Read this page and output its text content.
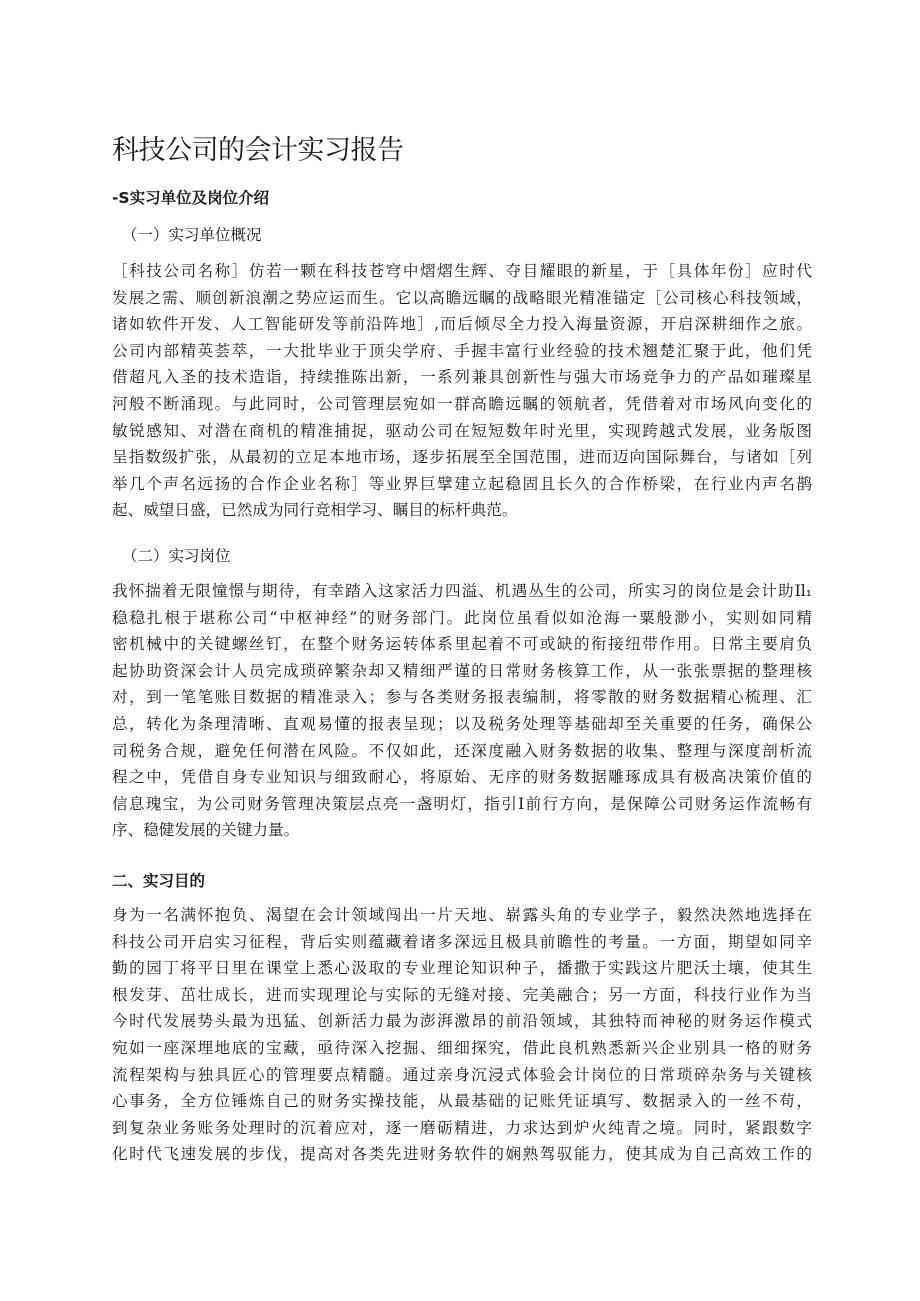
科技公司的会计实习报告
-S实习单位及岗位介绍
（一）实习单位概况
［科技公司名称］仿若一颗在科技苍穹中熠熠生辉、夺目耀眼的新星，于［具体年份］应时代
发展之需、顺创新浪潮之势应运而生。它以高瞻远瞩的战略眼光精准锚定［公司核心科技领域，
诸如软件开发、人工智能研发等前沿阵地］,而后倾尽全力投入海量资源，开启深耕细作之旅。
公司内部精英荟萃，一大批毕业于顶尖学府、手握丰富行业经验的技术翘楚汇聚于此，他们凭
借超凡入圣的技术造诣，持续推陈出新，一系列兼具创新性与强大市场竞争力的产品如璀璨星
河般不断涌现。与此同时，公司管理层宛如一群高瞻远瞩的领航者，凭借着对市场风向变化的
敏锐感知、对潜在商机的精准捕捉，驱动公司在短短数年时光里，实现跨越式发展，业务版图
呈指数级扩张，从最初的立足本地市场，逐步拓展至全国范围，进而迈向国际舞台，与诸如［列
举几个声名远扬的合作企业名称］等业界巨擘建立起稳固且长久的合作桥梁，在行业内声名鹊
起、威望日盛，已然成为同行竞相学习、瞩目的标杆典范。
（二）实习岗位
我怀揣着无限憧憬与期待，有幸踏入这家活力四溢、机遇丛生的公司，所实习的岗位是会计助Il₁
稳稳扎根于堪称公司“中枢神经”的财务部门。此岗位虽看似如沧海一粟般渺小，实则如同精
密机械中的关键螺丝钉，在整个财务运转体系里起着不可或缺的衔接纽带作用。日常主要肩负
起协助资深会计人员完成琐碎繁杂却又精细严谨的日常财务核算工作，从一张张票据的整理核
对，到一笔笔账目数据的精准录入；参与各类财务报表编制，将零散的财务数据精心梳理、汇
总，转化为条理清晰、直观易懂的报表呈现；以及税务处理等基础却至关重要的任务，确保公
司税务合规，避免任何潜在风险。不仅如此，还深度融入财务数据的收集、整理与深度剖析流
程之中，凭借自身专业知识与细致耐心，将原始、无序的财务数据雕琢成具有极高决策价值的
信息瑰宝，为公司财务管理决策层点亮一盏明灯，指引I前行方向，是保障公司财务运作流畅有
序、稳健发展的关键力量。
二、实习目的
身为一名满怀抱负、渴望在会计领域闯出一片天地、崭露头角的专业学子，毅然决然地选择在
科技公司开启实习征程，背后实则蕴藏着诸多深远且极具前瞻性的考量。一方面，期望如同辛
勤的园丁将平日里在课堂上悉心汲取的专业理论知识种子，播撒于实践这片肥沃土壤，使其生
根发芽、茁壮成长，进而实现理论与实际的无缝对接、完美融合；另一方面，科技行业作为当
今时代发展势头最为迅猛、创新活力最为澎湃激昂的前沿领域，其独特而神秘的财务运作模式
宛如一座深埋地底的宝藏，亟待深入挖掘、细细探究，借此良机熟悉新兴企业别具一格的财务
流程架构与独具匠心的管理要点精髓。通过亲身沉浸式体验会计岗位的日常琐碎杂务与关键核
心事务，全方位锤炼自己的财务实操技能，从最基础的记账凭证填写、数据录入的一丝不苟，
到复杂业务账务处理时的沉着应对，逐一磨砺精进，力求达到炉火纯青之境。同时，紧跟数字
化时代飞速发展的步伐，提高对各类先进财务软件的娴熟驾驭能力，使其成为自己高效工作的
